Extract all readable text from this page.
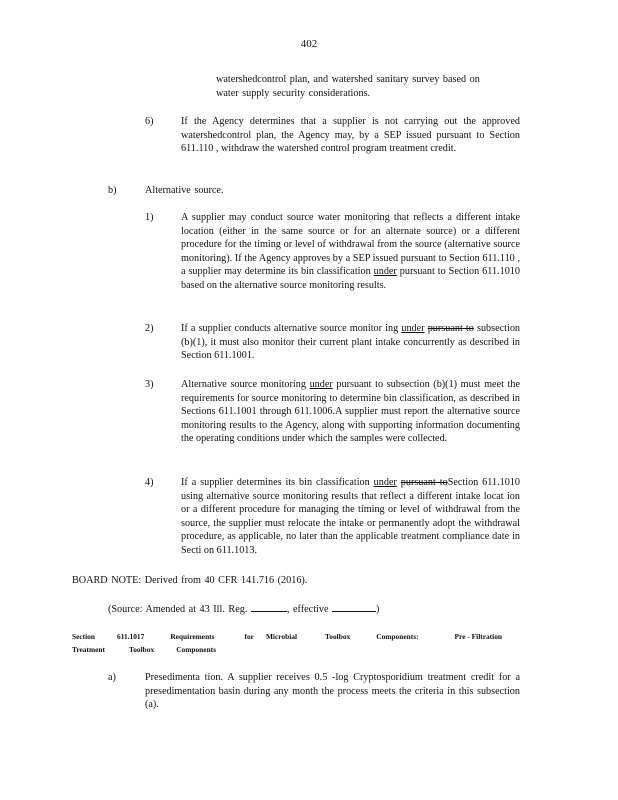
402
watershedcontrol plan, and watershed sanitary survey based on
water supply security considerations.
6)	If the Agency determines that a supplier is not carrying out the approved watershedcontrol plan, the Agency may, by a SEP issued pursuant to Section 611.110 , withdraw the watershed control program treatment credit.
b)	Alternative source.
1)	A supplier may conduct source water monitoring that reflects a different intake location (either in the same source or for an alternate source) or a different procedure for the timing or level of withdrawal from the source (alternative source monitoring). If the Agency approves by a SEP issued pursuant to Section 611.110 , a supplier may determine its bin classification under pursuant to Section 611.1010 based on the alternative source monitoring results.
2)	If a supplier conducts alternative source monitor ing under pursuant to subsection (b)(1), it must also monitor their current plant intake concurrently as described in Section 611.1001.
3)	Alternative source monitoring under pursuant to subsection (b)(1) must meet the requirements for source monitoring to determine bin classification, as described in Sections 611.1001 through 611.1006.A supplier must report the alternative source monitoring results to the Agency, along with supporting information documenting the operating conditions under which the samples were collected.
4)	If a supplier determines its bin classification under pursuant toSection 611.1010 using alternative source monitoring results that reflect a different intake locat ion or a different procedure for managing the timing or level of withdrawal from the source, the supplier must relocate the intake or permanently adopt the withdrawal procedure, as applicable, no later than the applicable treatment compliance date in Secti on 611.1013.
BOARD NOTE: Derived from 40 CFR 141.716 (2016).
(Source: Amended at 43 Ill. Reg.	, effective	)
Section	611.1017	Requirements	for Microbial	Toolbox	Components:	Pre - Filtration
Treatment	Toolbox	Components
a)	Presedimenta tion. A supplier receives 0.5 -log Cryptosporidium treatment credit for a presedimentation basin during any month the process meets the criteria in this subsection (a).
